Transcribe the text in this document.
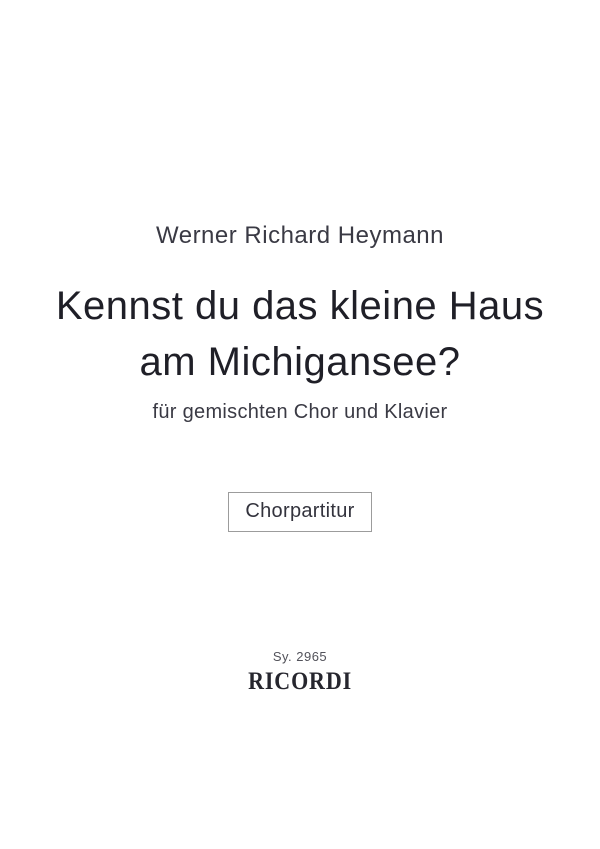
Werner Richard Heymann
Kennst du das kleine Haus
am Michigansee?
für gemischten Chor und Klavier
Chorpartitur
Sy. 2965
RICORDI
